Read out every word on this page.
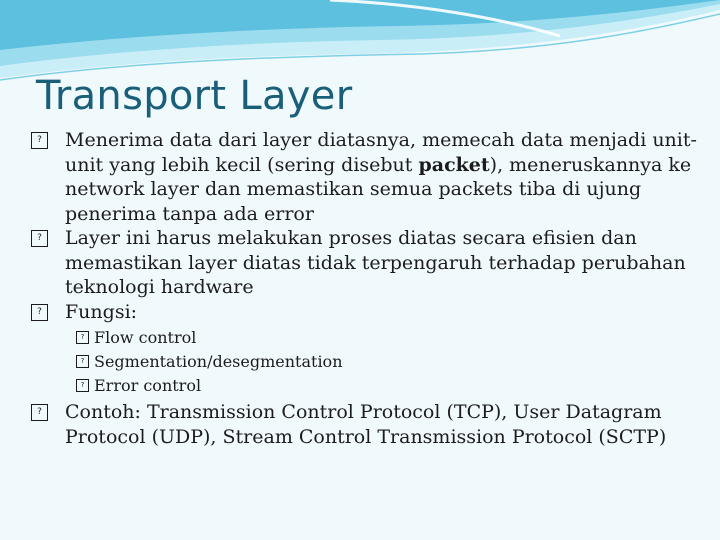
Transport Layer
?	Menerima data dari layer diatasnya, memecah data menjadi unit-unit yang lebih kecil (sering disebut packet), meneruskannya ke network layer dan memastikan semua packets tiba di ujung penerima tanpa ada error
?	Layer ini harus melakukan proses diatas secara efisien dan memastikan layer diatas tidak terpengaruh terhadap perubahan teknologi hardware
?	Fungsi:
? Flow control
? Segmentation/desegmentation
? Error control
?	Contoh: Transmission Control Protocol (TCP), User Datagram Protocol (UDP), Stream Control Transmission Protocol (SCTP)
